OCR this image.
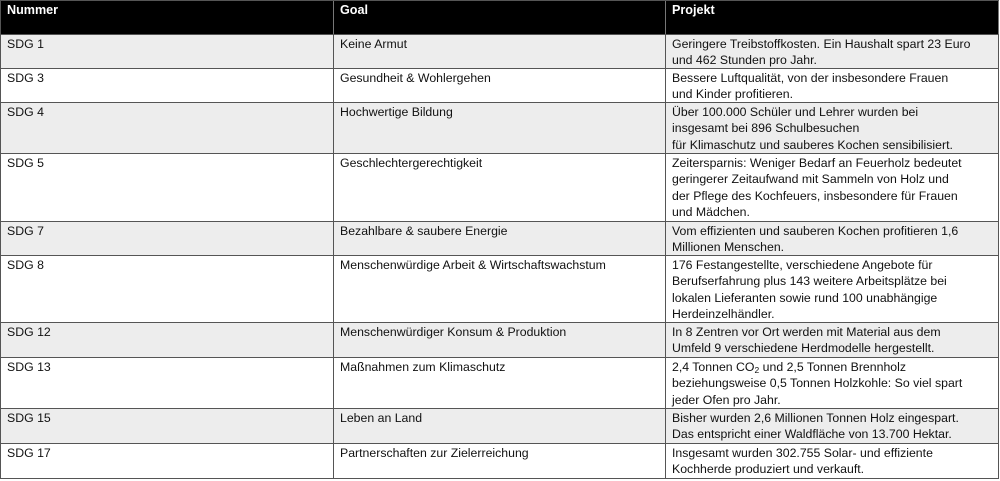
Nummer	Goal	Projekt
SDG 1	Keine Armut	Geringere Treibstoffkosten. Ein Haushalt spart 23 Euro
und 462 Stunden pro Jahr.
SDG 3	Gesundheit & Wohlergehen	Bessere Luftqualität, von der insbesondere Frauen
und Kinder profitieren.
SDG 4	Hochwertige Bildung	Über 100.000 Schüler und Lehrer wurden bei
insgesamt bei 896 Schulbesuchen
für Klimaschutz und sauberes Kochen sensibilisiert.
SDG 5	Geschlechtergerechtigkeit	Zeitersparnis: Weniger Bedarf an Feuerholz bedeutet
geringerer Zeitaufwand mit Sammeln von Holz und
der Pflege des Kochfeuers, insbesondere für Frauen
und Mädchen.
SDG 7	Bezahlbare & saubere Energie	Vom effizienten und sauberen Kochen profitieren 1,6
Millionen Menschen.
SDG 8	Menschenwürdige Arbeit & Wirtschaftswachstum	176 Festangestellte, verschiedene Angebote für
Berufserfahrung plus 143 weitere Arbeitsplätze bei
lokalen Lieferanten sowie rund 100 unabhängige
Herdeinzelhändler.
SDG 12	Menschenwürdiger Konsum & Produktion	In 8 Zentren vor Ort werden mit Material aus dem
Umfeld 9 verschiedene Herdmodelle hergestellt.
SDG 13	Maßnahmen zum Klimaschutz	2,4 Tonnen $CO_2$ und 2,5 Tonnen Brennholz
beziehungsweise 0,5 Tonnen Holzkohle: So viel spart
jeder Ofen pro Jahr.
SDG 15	Leben an Land	Bisher wurden 2,6 Millionen Tonnen Holz eingespart.
Das entspricht einer Waldfläche von 13.700 Hektar.
SDG 17	Partnerschaften zur Zielerreichung	Insgesamt wurden 302.755 Solar- und effiziente
Kochherde produziert und verkauft.
